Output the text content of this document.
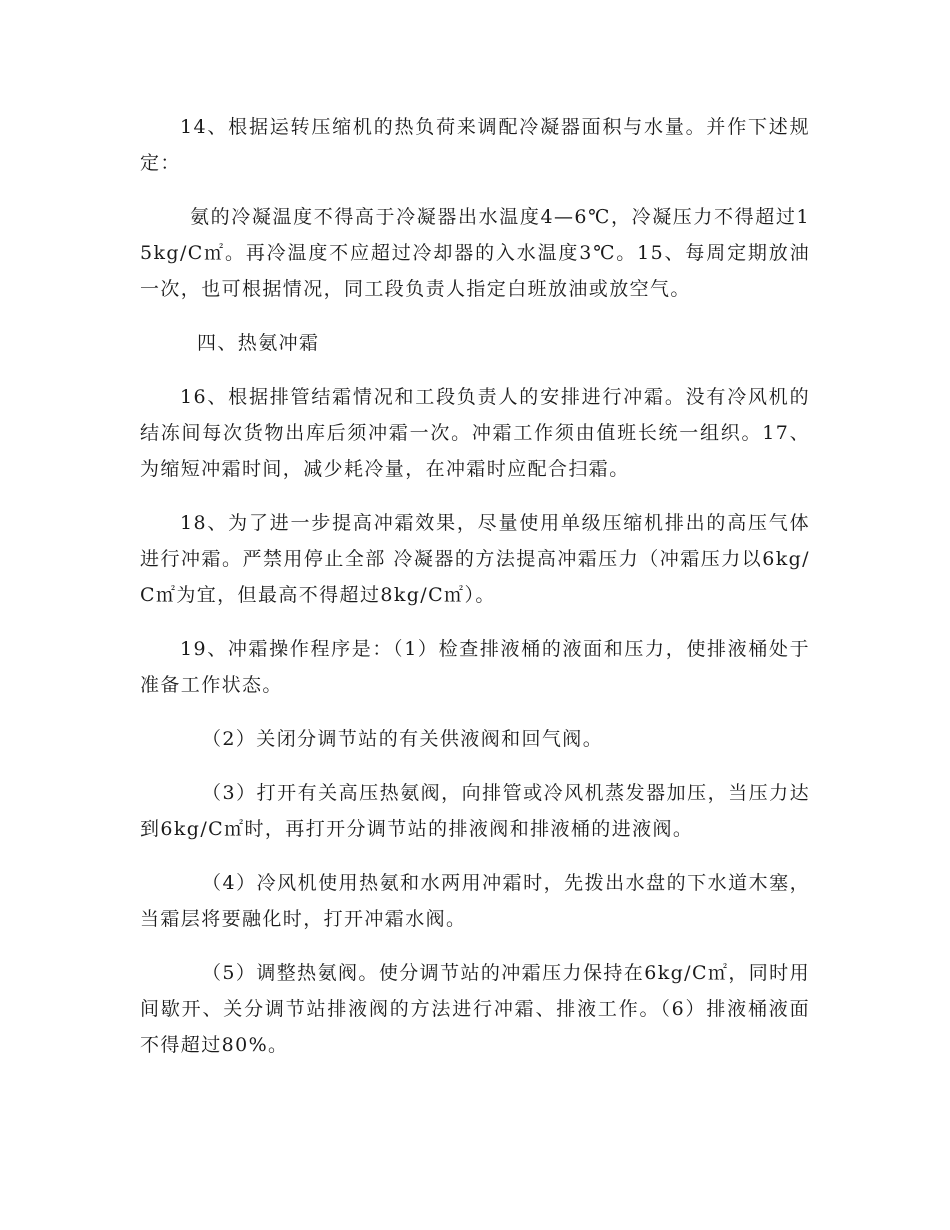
14、根据运转压缩机的热负荷来调配冷凝器面积与水量。并作下述规定：

氨的冷凝温度不得高于冷凝器出水温度4—6℃，冷凝压力不得超过15kg/C㎡。再冷温度不应超过冷却器的入水温度3℃。15、每周定期放油一次，也可根据情况，同工段负责人指定白班放油或放空气。

四、热氨冲霜

16、根据排管结霜情况和工段负责人的安排进行冲霜。没有冷风机的结冻间每次货物出库后须冲霜一次。冲霜工作须由值班长统一组织。17、为缩短冲霜时间，减少耗冷量，在冲霜时应配合扫霜。

18、为了进一步提高冲霜效果，尽量使用单级压缩机排出的高压气体进行冲霜。严禁用停止全部 冷凝器的方法提高冲霜压力（冲霜压力以6kg/C㎡为宜，但最高不得超过8kg/C㎡）。

19、冲霜操作程序是：（1）检查排液桶的液面和压力，使排液桶处于准备工作状态。

（2）关闭分调节站的有关供液阀和回气阀。

（3）打开有关高压热氨阀，向排管或冷风机蒸发器加压，当压力达到6kg/C㎡时，再打开分调节站的排液阀和排液桶的进液阀。

（4）冷风机使用热氨和水两用冲霜时，先拨出水盘的下水道木塞，当霜层将要融化时，打开冲霜水阀。

（5）调整热氨阀。使分调节站的冲霜压力保持在6kg/C㎡，同时用间歇开、关分调节站排液阀的方法进行冲霜、排液工作。（6）排液桶液面不得超过80%。
